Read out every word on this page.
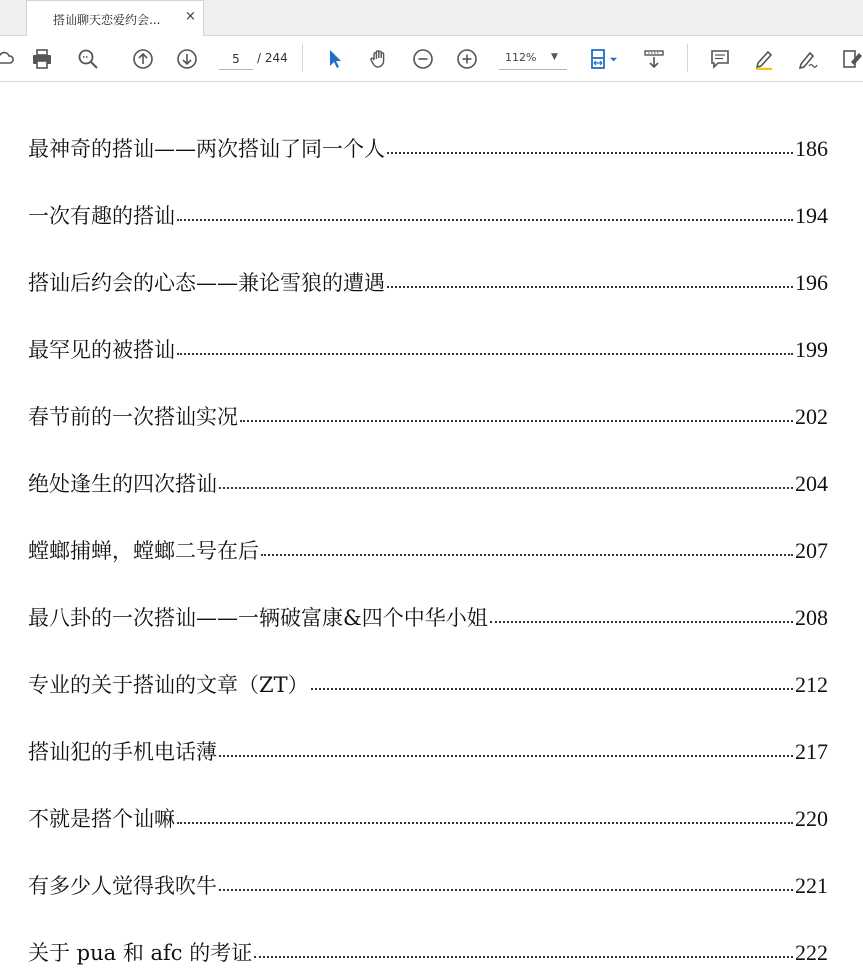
搭讪聊天恋爱约会... ×
5
/ 244	112% ▼
最神奇的搭讪——两次搭讪了同一个人	186
一次有趣的搭讪	194
搭讪后约会的心态——兼论雪狼的遭遇	196
最罕见的被搭讪	199
春节前的一次搭讪实况	202
绝处逢生的四次搭讪	204
螳螂捕蝉，螳螂二号在后	207
最八卦的一次搭讪——一辆破富康&四个中华小姐	208
专业的关于搭讪的文章（ZT）	212
搭讪犯的手机电话薄	217
不就是搭个讪嘛	220
有多少人觉得我吹牛	221
关于 pua 和 afc 的考证	222
